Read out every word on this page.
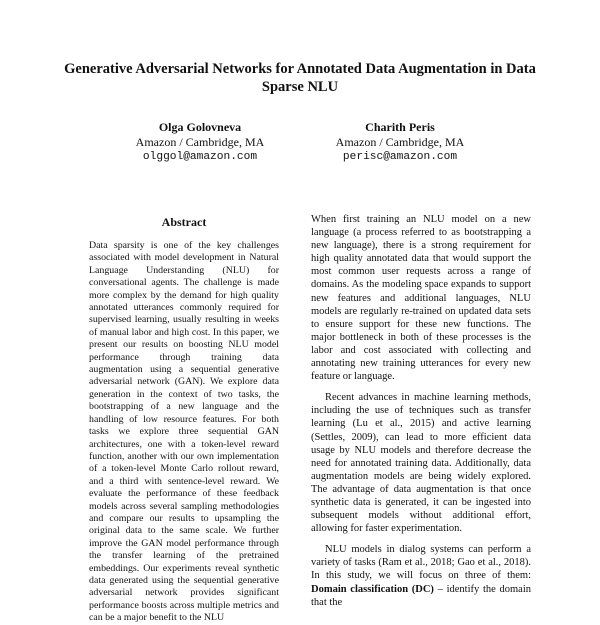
Generative Adversarial Networks for Annotated Data Augmentation in Data Sparse NLU
Olga Golovneva
Amazon / Cambridge, MA
olggol@amazon.com
Charith Peris
Amazon / Cambridge, MA
perisc@amazon.com
Abstract
Data sparsity is one of the key challenges associated with model development in Natural Language Understanding (NLU) for conversational agents. The challenge is made more complex by the demand for high quality annotated utterances commonly required for supervised learning, usually resulting in weeks of manual labor and high cost. In this paper, we present our results on boosting NLU model performance through training data augmentation using a sequential generative adversarial network (GAN). We explore data generation in the context of two tasks, the bootstrapping of a new language and the handling of low resource features. For both tasks we explore three sequential GAN architectures, one with a token-level reward function, another with our own implementation of a token-level Monte Carlo rollout reward, and a third with sentence-level reward. We evaluate the performance of these feedback models across several sampling methodologies and compare our results to upsampling the original data to the same scale. We further improve the GAN model performance through the transfer learning of the pretrained embeddings. Our experiments reveal synthetic data generated using the sequential generative adversarial network provides significant performance boosts across multiple metrics and can be a major benefit to the NLU

When first training an NLU model on a new language (a process referred to as bootstrapping a new language), there is a strong requirement for high quality annotated data that would support the most common user requests across a range of domains. As the modeling space expands to support new features and additional languages, NLU models are regularly re-trained on updated data sets to ensure support for these new functions. The major bottleneck in both of these processes is the labor and cost associated with collecting and annotating new training utterances for every new feature or language.

Recent advances in machine learning methods, including the use of techniques such as transfer learning (Lu et al., 2015) and active learning (Settles, 2009), can lead to more efficient data usage by NLU models and therefore decrease the need for annotated training data. Additionally, data augmentation models are being widely explored. The advantage of data augmentation is that once synthetic data is generated, it can be ingested into subsequent models without additional effort, allowing for faster experimentation.

NLU models in dialog systems can perform a variety of tasks (Ram et al., 2018; Gao et al., 2018). In this study, we will focus on three of them: Domain classification (DC) – identify the domain that the
